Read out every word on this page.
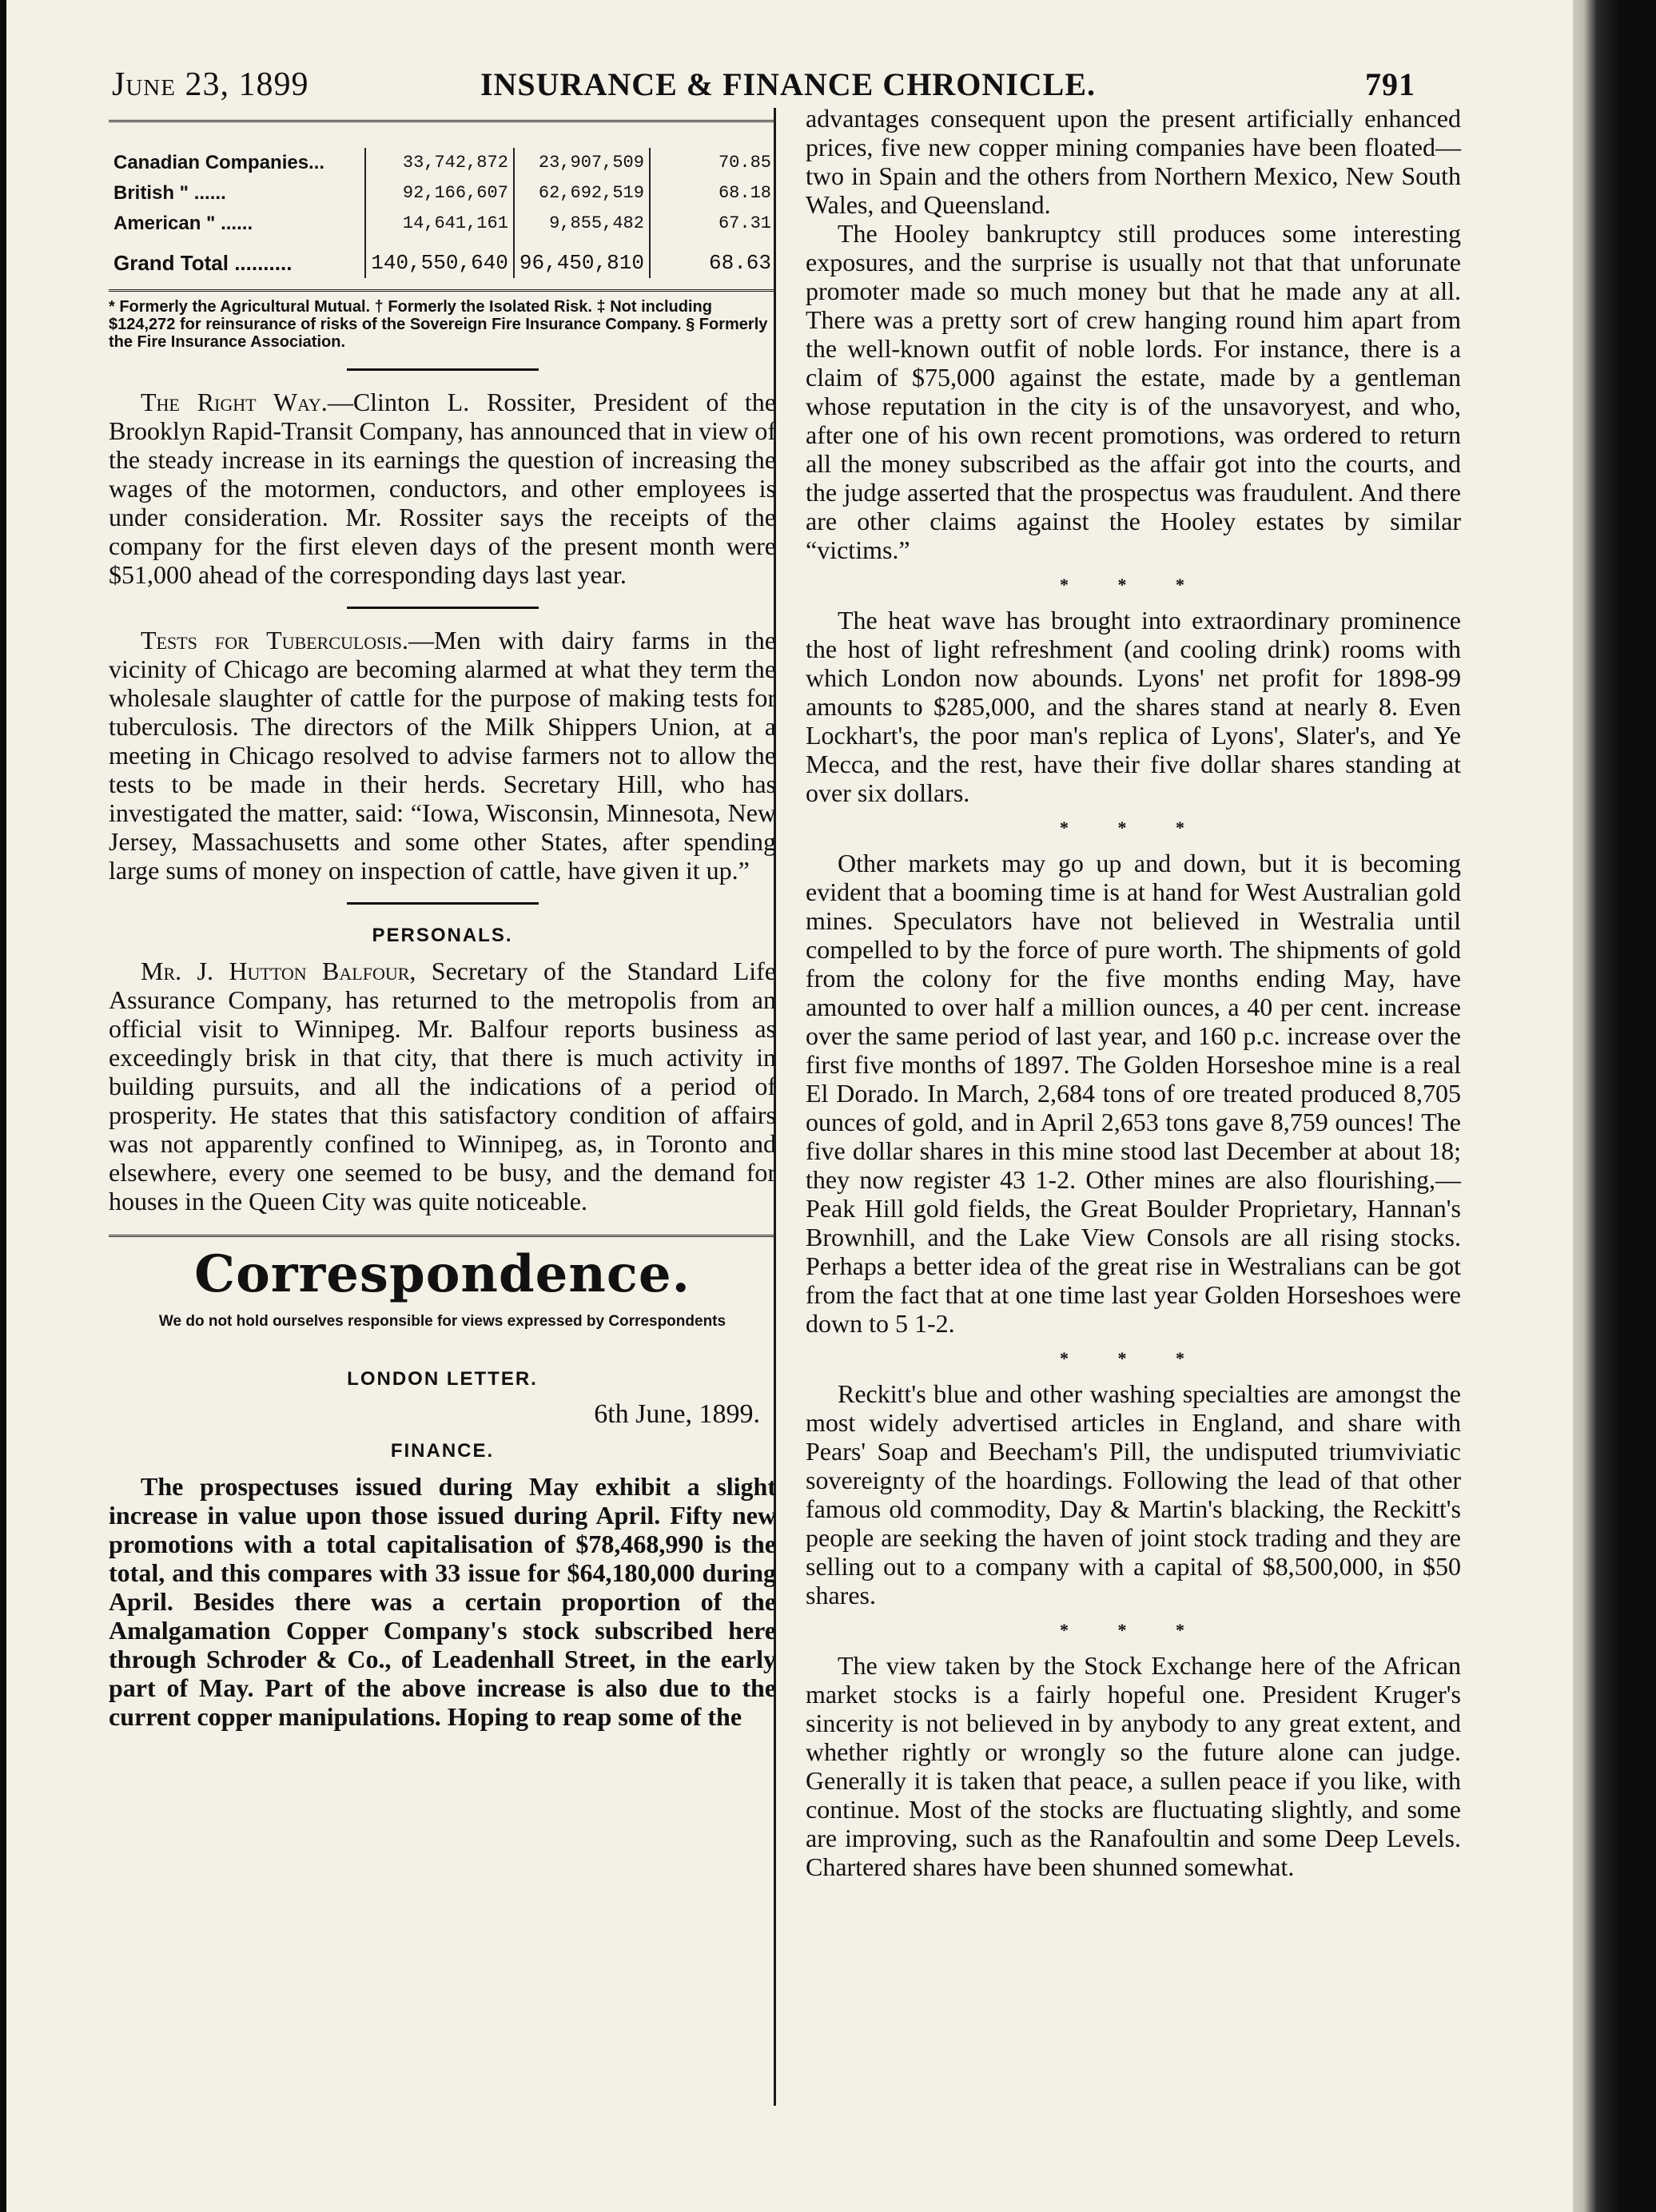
June 23, 1899	INSURANCE & FINANCE CHRONICLE.	791
Canadian Companies...	33,742,872	23,907,509	70.85
British " ......	92,166,607	62,692,519	68.18
American " ......	14,641,161	9,855,482	67.31
Grand Total ..........	140,550,640	96,450,810	68.63
* Formerly the Agricultural Mutual. † Formerly the Isolated Risk. ‡ Not including $124,272 for reinsurance of risks of the Sovereign Fire Insurance Company. § Formerly the Fire Insurance Association.

The Right Way.—Clinton L. Rossiter, President of the Brooklyn Rapid-Transit Company, has announced that in view of the steady increase in its earnings the question of increasing the wages of the motormen, conductors, and other employees is under consideration. Mr. Rossiter says the receipts of the company for the first eleven days of the present month were $51,000 ahead of the corresponding days last year.

Tests for Tuberculosis.—Men with dairy farms in the vicinity of Chicago are becoming alarmed at what they term the wholesale slaughter of cattle for the purpose of making tests for tuberculosis. The directors of the Milk Shippers Union, at a meeting in Chicago resolved to advise farmers not to allow the tests to be made in their herds. Secretary Hill, who has investigated the matter, said: “Iowa, Wisconsin, Minnesota, New Jersey, Massachusetts and some other States, after spending large sums of money on inspection of cattle, have given it up.”

PERSONALS.

Mr. J. Hutton Balfour, Secretary of the Standard Life Assurance Company, has returned to the metropolis from an official visit to Winnipeg. Mr. Balfour reports business as exceedingly brisk in that city, that there is much activity in building pursuits, and all the indications of a period of prosperity. He states that this satisfactory condition of affairs was not apparently confined to Winnipeg, as, in Toronto and elsewhere, every one seemed to be busy, and the demand for houses in the Queen City was quite noticeable.

Correspondence.
We do not hold ourselves responsible for views expressed by Correspondents
LONDON LETTER.
6th June, 1899.
FINANCE.

The prospectuses issued during May exhibit a slight increase in value upon those issued during April. Fifty new promotions with a total capitalisation of $78,468,990 is the total, and this compares with 33 issue for $64,180,000 during April. Besides there was a certain proportion of the Amalgamation Copper Company's stock subscribed here through Schroder & Co., of Leadenhall Street, in the early part of May. Part of the above increase is also due to the current copper manipulations. Hoping to reap some of the

advantages consequent upon the present artificially enhanced prices, five new copper mining companies have been floated—two in Spain and the others from Northern Mexico, New South Wales, and Queensland.

The Hooley bankruptcy still produces some interesting exposures, and the surprise is usually not that that unforunate promoter made so much money but that he made any at all. There was a pretty sort of crew hanging round him apart from the well-known outfit of noble lords. For instance, there is a claim of $75,000 against the estate, made by a gentleman whose reputation in the city is of the unsavoryest, and who, after one of his own recent promotions, was ordered to return all the money subscribed as the affair got into the courts, and the judge asserted that the prospectus was fraudulent. And there are other claims against the Hooley estates by similar “victims.”

* * *

The heat wave has brought into extraordinary prominence the host of light refreshment (and cooling drink) rooms with which London now abounds. Lyons' net profit for 1898-99 amounts to $285,000, and the shares stand at nearly 8. Even Lockhart's, the poor man's replica of Lyons', Slater's, and Ye Mecca, and the rest, have their five dollar shares standing at over six dollars.

* * *

Other markets may go up and down, but it is becoming evident that a booming time is at hand for West Australian gold mines. Speculators have not believed in Westralia until compelled to by the force of pure worth. The shipments of gold from the colony for the five months ending May, have amounted to over half a million ounces, a 40 per cent. increase over the same period of last year, and 160 p.c. increase over the first five months of 1897. The Golden Horseshoe mine is a real El Dorado. In March, 2,684 tons of ore treated produced 8,705 ounces of gold, and in April 2,653 tons gave 8,759 ounces! The five dollar shares in this mine stood last December at about 18; they now register 43 1-2. Other mines are also flourishing,—Peak Hill gold fields, the Great Boulder Proprietary, Hannan's Brownhill, and the Lake View Consols are all rising stocks. Perhaps a better idea of the great rise in Westralians can be got from the fact that at one time last year Golden Horseshoes were down to 5 1-2.

* * *

Reckitt's blue and other washing specialties are amongst the most widely advertised articles in England, and share with Pears' Soap and Beecham's Pill, the undisputed triumviviatic sovereignty of the hoardings. Following the lead of that other famous old commodity, Day & Martin's blacking, the Reckitt's people are seeking the haven of joint stock trading and they are selling out to a company with a capital of $8,500,000, in $50 shares.

* * *

The view taken by the Stock Exchange here of the African market stocks is a fairly hopeful one. President Kruger's sincerity is not believed in by anybody to any great extent, and whether rightly or wrongly so the future alone can judge. Generally it is taken that peace, a sullen peace if you like, with continue. Most of the stocks are fluctuating slightly, and some are improving, such as the Ranafoultin and some Deep Levels. Chartered shares have been shunned somewhat.
